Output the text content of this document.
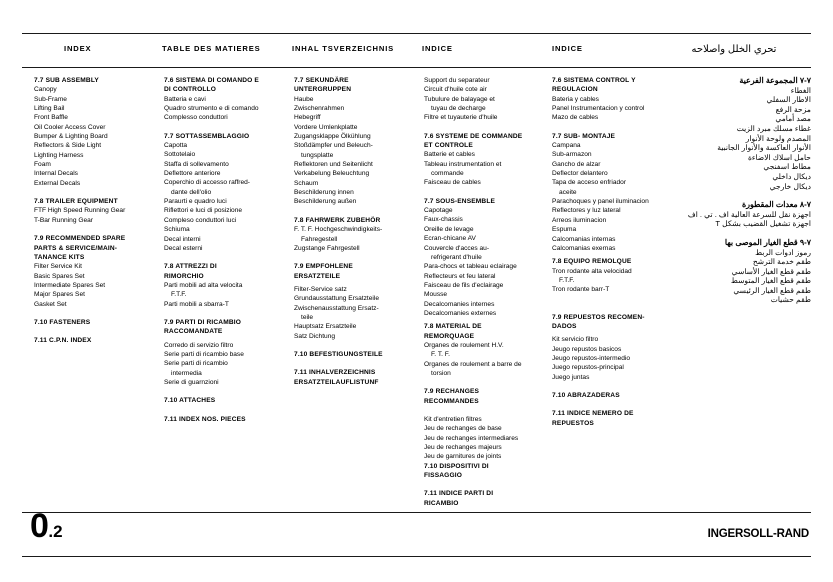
INDEX	TABLE DES MATIERES	INHAL TSVERZEICHNIS	INDICE	INDICE	تحري الخلل واصلاحه
7.7 SUB ASSEMBLY
Canopy
Sub-Frame
Lifting Bail
Front Baffle
Oil Cooler Access Cover
Bumper & Lighting Board
Reflectors & Side Light
Lighting Harness
Foam
Internal Decals
External Decals
7.8 TRAILER EQUIPMENT
FTF High Speed Running Gear
T-Bar Running Gear
7.9 RECOMMENDED SPARE
PARTS & SERVICE/MAIN-
TANANCE KITS
Filter Service Kit
Basic Spares Set
Intermediate Spares Set
Major Spares Set
Gasket Set
7.10 FASTENERS
7.11 C.P.N. INDEX
7.6 SISTEMA DI COMANDO E
DI CONTROLLO
Batteria e cavi
Quadro strumento e di comando
Complesso conduttori
7.7 SOTTASSEMBLAGGIO
Capotta
Sottotelaio
Staffa di sollevamento
Deflettore anteriore
Coperchio di accesso raffred-
dante dell'olio
Paraurti e quadro luci
Riflettori e luci di posizione
Compleso conduttori luci
Schiuma
Decal interni
Decal esterni
7.8 ATTREZZI DI
RIMORCHIO
Parti mobili ad alta velocita
F.T.F.
Parti mobili a sbarra-T
7.9 PARTI DI RICAMBIO
RACCOMANDATE
Corredo di servizio filtro
Serie parti di ricambio base
Serie parti di ricambio
intermedia
Serie di guarnzioni
7.10 ATTACHES
7.11 INDEX NOS. PIECES
7.7 SEKUNDÄRE
UNTERGRUPPEN
Haube
Zwischenrahmen
Hebegriff
Vordere Umlenkplatte
Zugangsklappe Ölkühlung
Stoßdämpfer und Beleuch-
tungsplatte
Reflektoren und Seitenlicht
Verkabelung Beleuchtung
Schaum
Beschilderung innen
Beschilderung außen
7.8 FAHRWERK ZUBEHÖR
F. T. F. Hochgeschwindigkeits-
Fahregestell
Zugstange Fahrgestell
7.9 EMPFOHLENE
ERSATZTEILE
Filter-Service satz
Grundausstattung Ersatzteile
Zwischenausstattung Ersatz-
teile
Hauptsatz Ersatzteile
Satz Dichtung
7.10 BEFESTIGUNGSTEILE
7.11 INHALVERZEICHNIS
ERSATZTEILAUFLISTUNF
Support du separateur
Circuit d'huile cote air
Tubulure de balayage et
tuyau de decharge
Filtre et tuyauterie d'huile
7.6 SYSTEME DE COMMANDE
ET CONTROLE
Batterie et cables
Tableau instrumentation et
commande
Faisceau de cables
7.7 SOUS-ENSEMBLE
Capotage
Faux-chassis
Oreille de levage
Ecran-chicane AV
Couvercle d'acces au-
refrigerant d'huile
Para-chocs et tableau eclairage
Reflecteurs et feu lateral
Faisceau de fils d'eclairage
Mousse
Decalcomanies internes
Decalcomanies externes
7.8 MATERIAL DE
REMORQUAGE
Organes de roulement H.V.
F. T. F.
Organes de roulement a barre de
torsion
7.9 RECHANGES
RECOMMANDES
Kit d'entretien filtres
Jeu de rechanges de base
Jeu de rechanges intermediares
Jeu de rechanges majeurs
Jeu de garnitures de joints
7.10 DISPOSITIVI DI
FISSAGGIO
7.11 INDICE PARTI DI
RICAMBIO
7.6 SISTEMA CONTROL Y
REGULACION
Bateria y cables
Panel Instrumentacion y control
Mazo de cables
7.7 SUB- MONTAJE
Campana
Sub-armazon
Gancho de alzar
Deflector delantero
Tapa de acceso enfriador
aceite
Parachoques y panel iluminacion
Reflectores y luz lateral
Arreos iluminacion
Espuma
Calcomanias internas
Calcomanias exernas
7.8 EQUIPO REMOLQUE
Tron rodante alta velocidad
F.T.F.
Tron rodante barr-T
7.9 REPUESTOS RECOMEN-
DADOS
Kit servicio filtro
Jeugo repustos basicos
Jeugo repustos-intermedio
Juego repustos-principal
Juego juntas
7.10 ABRAZADERAS
7.11 INDICE NEMERO DE
REPUESTOS
٧-٧ المجموعة الفرعية
الغطاء
الاطار السفلي
مزحة الرفع
مصد أمامي
غطاء مسلك مبرد الزيت
المصدم ولوحة الأنوار
الأنوار العاكسة والأنوار الجانبية
حامل اسلاك الاضاءة
مطاط اسفنجي
ديكال داخلي
ديكال خارجي
٧-٨ معدات المقطورة
اجهزة نقل للسرعة العالية اف . تي . اف
اجهزة تشغيل القضيب بشكل T
٧-٩ قطع الغيار الموصى بها
رموز ادوات الربط
طقم خدمة الترشح
طقم قطع الغيار الأساسي
طقم قطع الغيار المتوسط
طقم قطع الغيار الرئيسي
طقم حشيات
0.2	INGERSOLL-RAND
